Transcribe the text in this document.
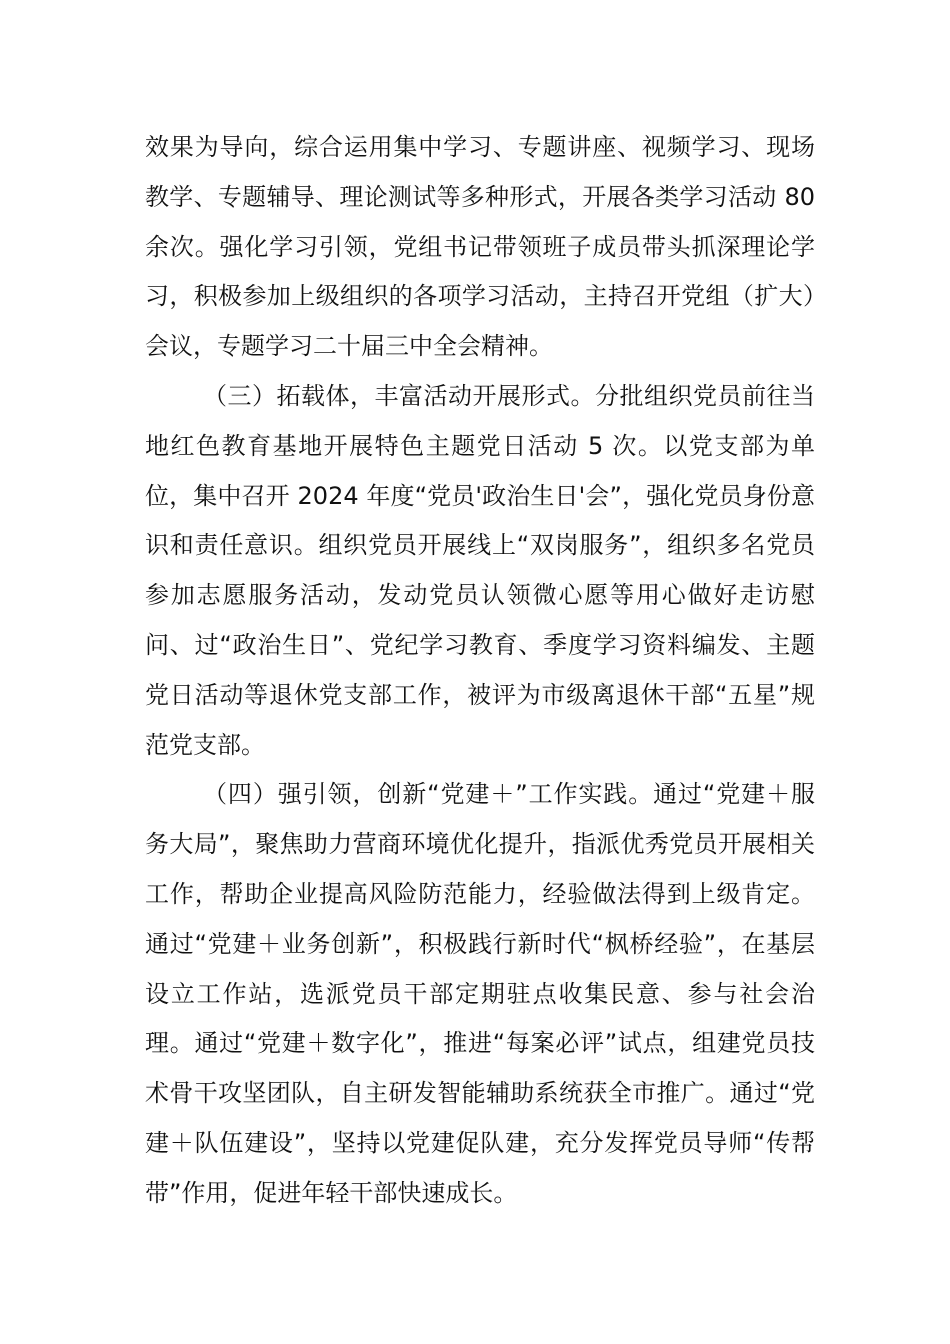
效果为导向，综合运用集中学习、专题讲座、视频学习、现场教学、专题辅导、理论测试等多种形式，开展各类学习活动 80 余次。强化学习引领，党组书记带领班子成员带头抓深理论学习，积极参加上级组织的各项学习活动，主持召开党组（扩大）会议，专题学习二十届三中全会精神。

（三）拓载体，丰富活动开展形式。分批组织党员前往当地红色教育基地开展特色主题党日活动 5 次。以党支部为单位，集中召开 2024 年度“党员'政治生日'会”，强化党员身份意识和责任意识。组织党员开展线上“双岗服务”，组织多名党员参加志愿服务活动，发动党员认领微心愿等用心做好走访慰问、过“政治生日”、党纪学习教育、季度学习资料编发、主题党日活动等退休党支部工作，被评为市级离退休干部“五星”规范党支部。

（四）强引领，创新“党建＋”工作实践。通过“党建＋服务大局”，聚焦助力营商环境优化提升，指派优秀党员开展相关工作，帮助企业提高风险防范能力，经验做法得到上级肯定。通过“党建＋业务创新”，积极践行新时代“枫桥经验”，在基层设立工作站，选派党员干部定期驻点收集民意、参与社会治理。通过“党建＋数字化”，推进“每案必评”试点，组建党员技术骨干攻坚团队，自主研发智能辅助系统获全市推广。通过“党建＋队伍建设”，坚持以党建促队建，充分发挥党员导师“传帮带”作用，促进年轻干部快速成长。
